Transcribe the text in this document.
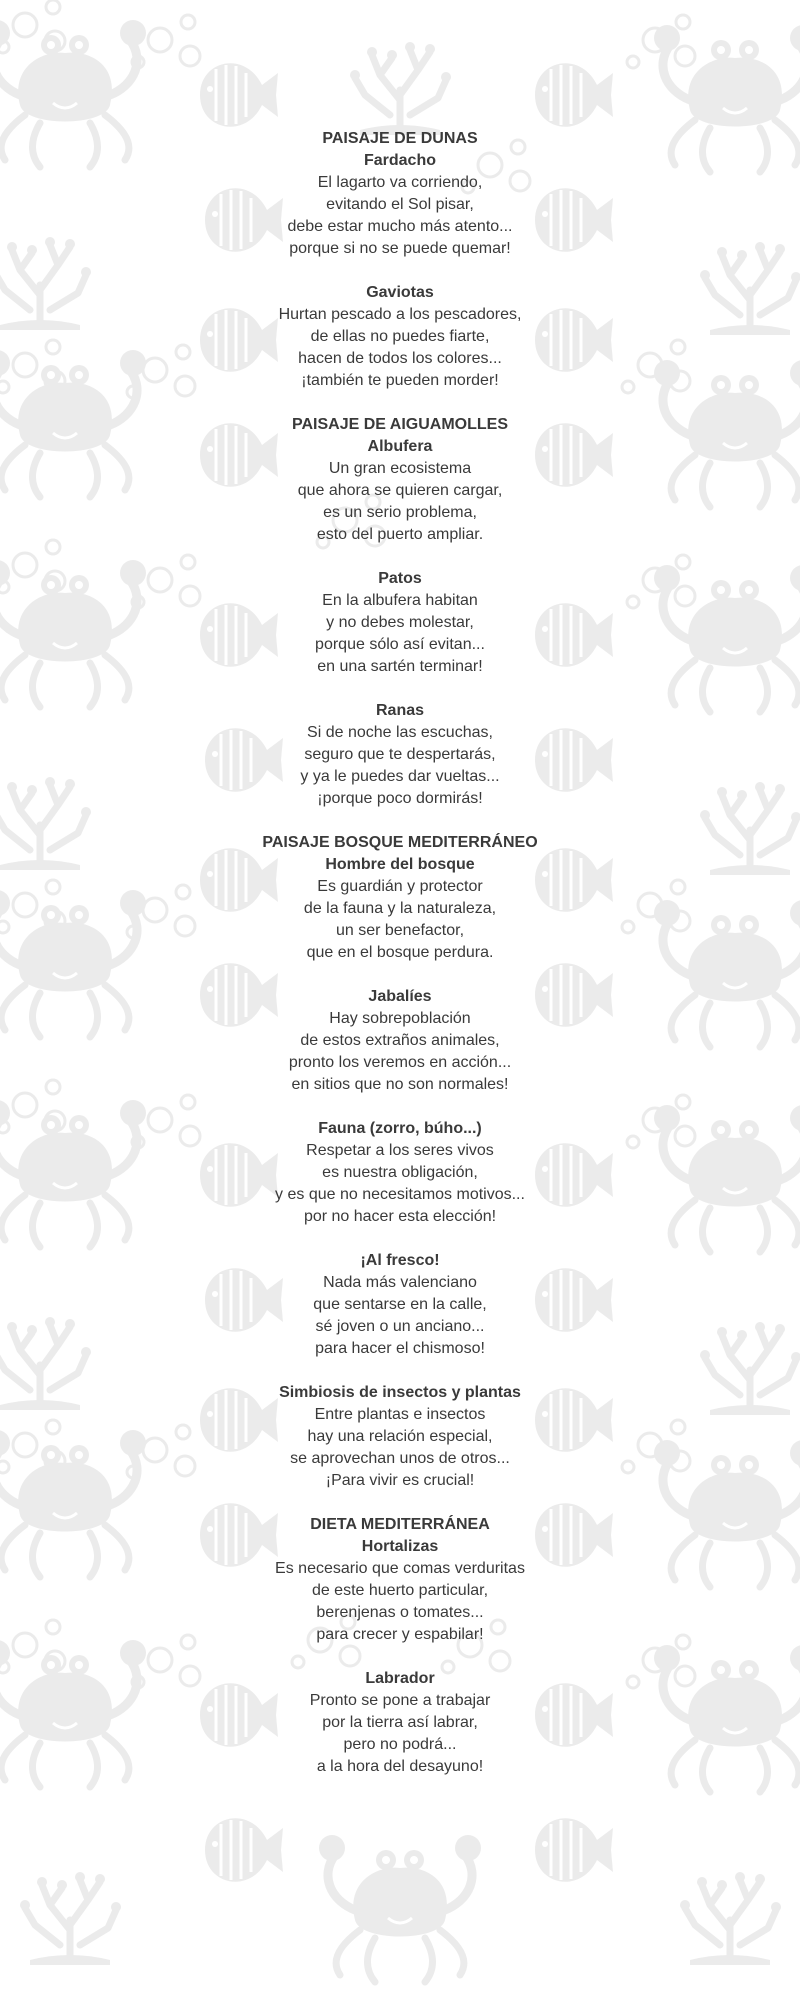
PAISAJE DE DUNAS
Fardacho
El lagarto va corriendo,
evitando el Sol pisar,
debe estar mucho más atento...
porque si no se puede quemar!
Gaviotas
Hurtan pescado a los pescadores,
de ellas no puedes fiarte,
hacen de todos los colores...
¡también te pueden morder!
PAISAJE DE AIGUAMOLLES
Albufera
Un gran ecosistema
que ahora se quieren cargar,
es un serio problema,
esto del puerto ampliar.
Patos
En la albufera habitan
y no debes molestar,
porque sólo así evitan...
en una sartén terminar!
Ranas
Si de noche las escuchas,
seguro que te despertarás,
y ya le puedes dar vueltas...
¡porque poco dormirás!
PAISAJE BOSQUE MEDITERRÁNEO
Hombre del bosque
Es guardián y protector
de la fauna y la naturaleza,
un ser benefactor,
que en el bosque perdura.
Jabalíes
Hay sobrepoblación
de estos extraños animales,
pronto los veremos en acción...
en sitios que no son normales!
Fauna (zorro, búho...)
Respetar a los seres vivos
es nuestra obligación,
y es que no necesitamos motivos...
por no hacer esta elección!
¡Al fresco!
Nada más valenciano
que sentarse en la calle,
sé joven o un anciano...
para hacer el chismoso!
Simbiosis de insectos y plantas
Entre plantas e insectos
hay una relación especial,
se aprovechan unos de otros...
¡Para vivir es crucial!
DIETA MEDITERRÁNEA
Hortalizas
Es necesario que comas verduritas
de este huerto particular,
berenjenas o tomates...
para crecer y espabilar!
Labrador
Pronto se pone a trabajar
por la tierra así labrar,
pero no podrá...
a la hora del desayuno!
